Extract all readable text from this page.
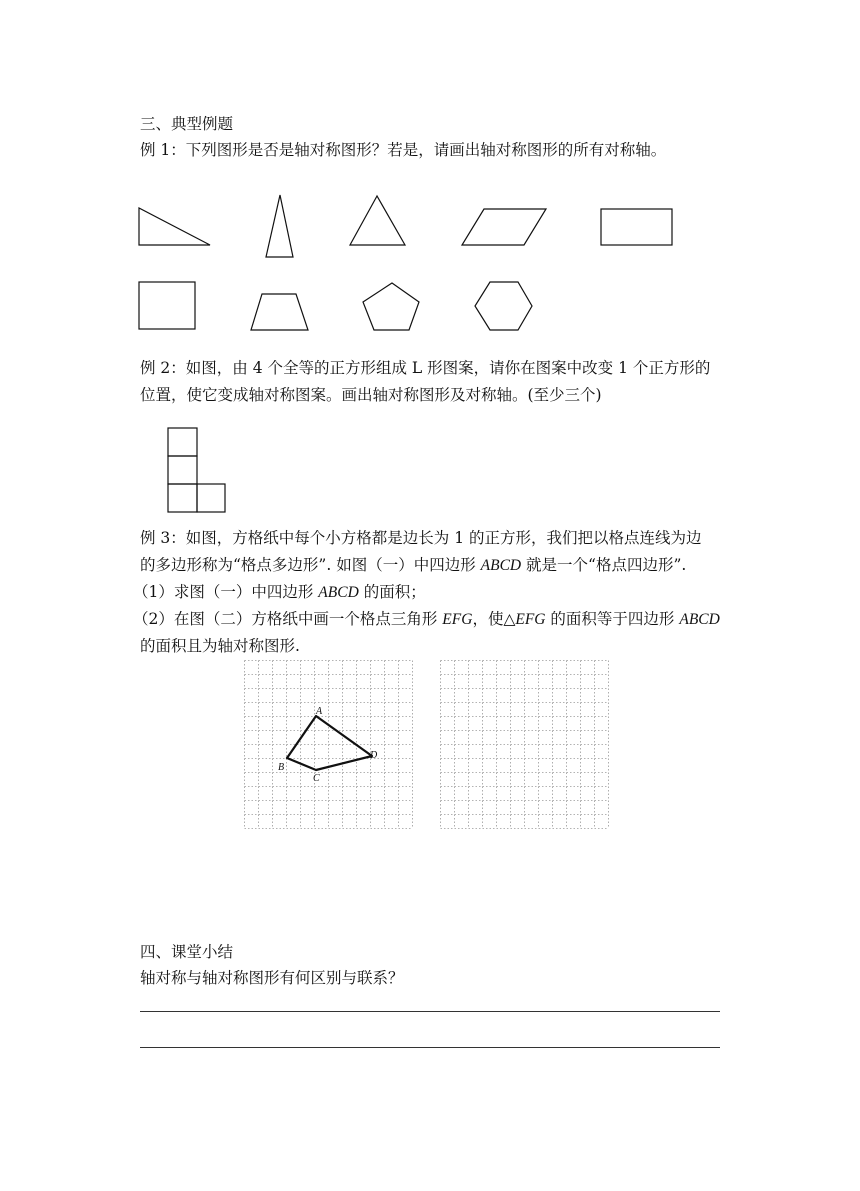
三、典型例题
例 1：下列图形是否是轴对称图形？若是，请画出轴对称图形的所有对称轴。
例 2：如图，由 4 个全等的正方形组成 L 形图案，请你在图案中改变 1 个正方形的
位置，使它变成轴对称图案。画出轴对称图形及对称轴。(至少三个)
例 3：如图，方格纸中每个小方格都是边长为 1 的正方形，我们把以格点连线为边
的多边形称为“格点多边形”. 如图（一）中四边形 ABCD 就是一个“格点四边形”.
（1）求图（一）中四边形 ABCD 的面积；
（2）在图（二）方格纸中画一个格点三角形 EFG，使△EFG 的面积等于四边形 ABCD
的面积且为轴对称图形.
A
B
C
D
四、课堂小结
轴对称与轴对称图形有何区别与联系？
